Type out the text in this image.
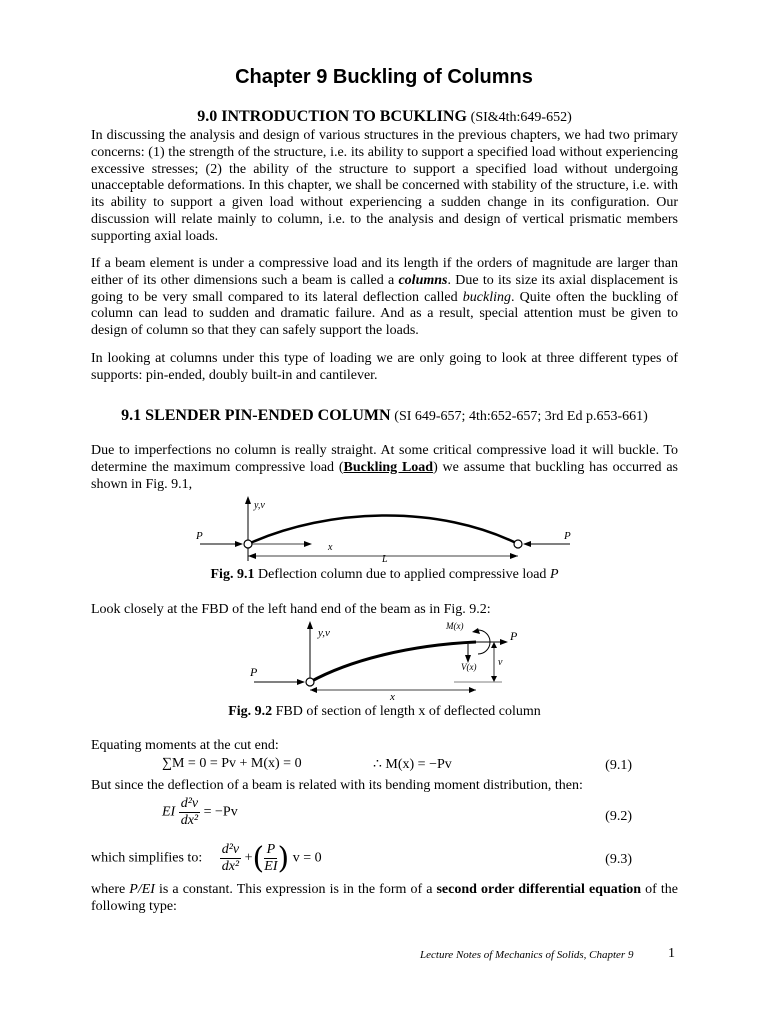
Chapter 9 Buckling of Columns
9.0 INTRODUCTION TO BCUKLING (SI&4th:649-652)

In discussing the analysis and design of various structures in the previous chapters, we had two primary concerns: (1) the strength of the structure, i.e. its ability to support a specified load without experiencing excessive stresses; (2) the ability of the structure to support a specified load without undergoing unacceptable deformations. In this chapter, we shall be concerned with stability of the structure, i.e. with its ability to support a given load without experiencing a sudden change in its configuration. Our discussion will relate mainly to column, i.e. to the analysis and design of vertical prismatic members supporting axial loads.

If a beam element is under a compressive load and its length if the orders of magnitude are larger than either of its other dimensions such a beam is called a columns. Due to its size its axial displacement is going to be very small compared to its lateral deflection called buckling. Quite often the buckling of column can lead to sudden and dramatic failure. And as a result, special attention must be given to design of column so that they can safely support the loads.

In looking at columns under this type of loading we are only going to look at three different types of supports: pin-ended, doubly built-in and cantilever.

9.1 SLENDER PIN-ENDED COLUMN (SI 649-657; 4th:652-657; 3rd Ed p.653-661)

Due to imperfections no column is really straight. At some critical compressive load it will buckle. To determine the maximum compressive load (Buckling Load) we assume that buckling has occurred as shown in Fig. 9.1,

y,v
x
P	P
L
Fig. 9.1 Deflection column due to applied compressive load P

Look closely at the FBD of the left hand end of the beam as in Fig. 9.2:

y,v
P
P
M(x)
V(x) v
x
Fig. 9.2 FBD of section of length x of deflected column

Equating moments at the cut end:

∑M = 0 = Pv + M(x) = 0	∴ M(x) = −Pv	(9.1)

But since the deflection of a beam is related with its bending moment distribution, then:

EI $\frac{\text{d²v}}{\text{dx²}} = -Pv$	(9.2)
which simplifies to: $\frac{\text{d²v}}{\text{dx²}}$ +( $\frac{P}{EI}$ ) v = 0	(9.3)

where P/EI is a constant. This expression is in the form of a second order differential equation of the following type:

Lecture Notes of Mechanics of Solids, Chapter 9 1
